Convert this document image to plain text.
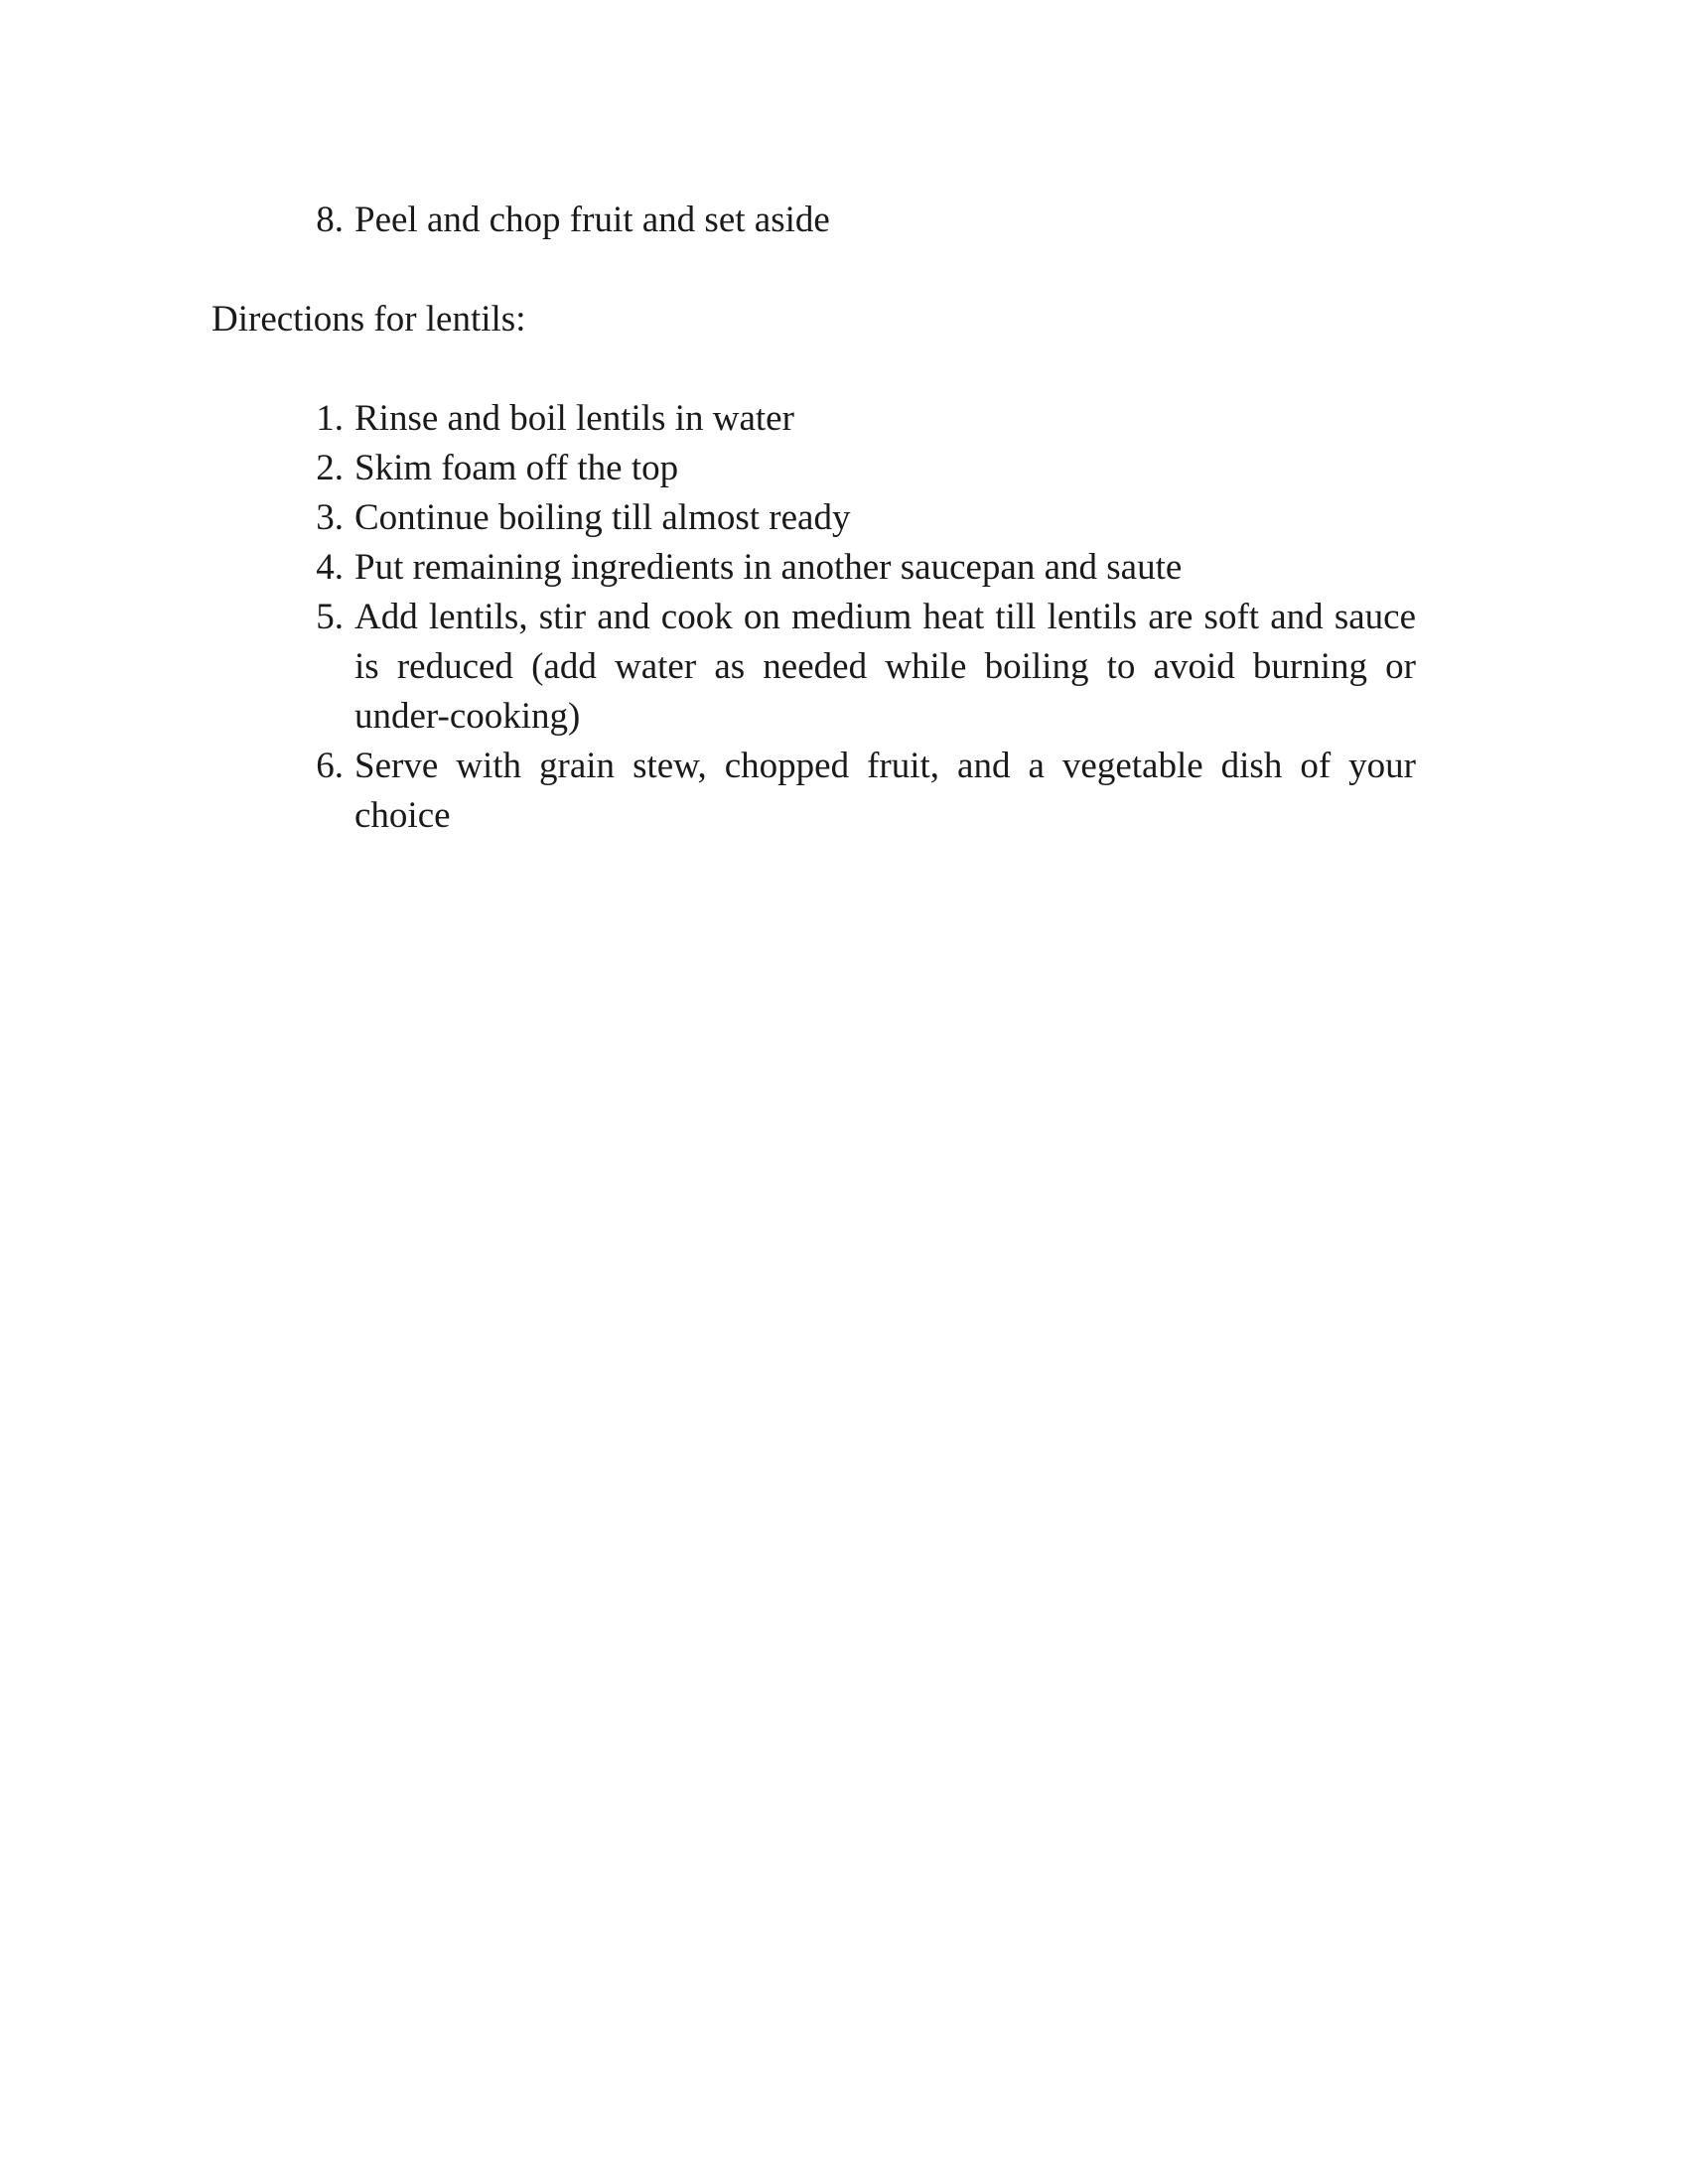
8. Peel and chop fruit and set aside
Directions for lentils:
1. Rinse and boil lentils in water
2. Skim foam off the top
3. Continue boiling till almost ready
4. Put remaining ingredients in another saucepan and saute
5. Add lentils, stir and cook on medium heat till lentils are soft and sauce is reduced (add water as needed while boiling to avoid burning or under-cooking)
6. Serve with grain stew, chopped fruit, and a vegetable dish of your choice
